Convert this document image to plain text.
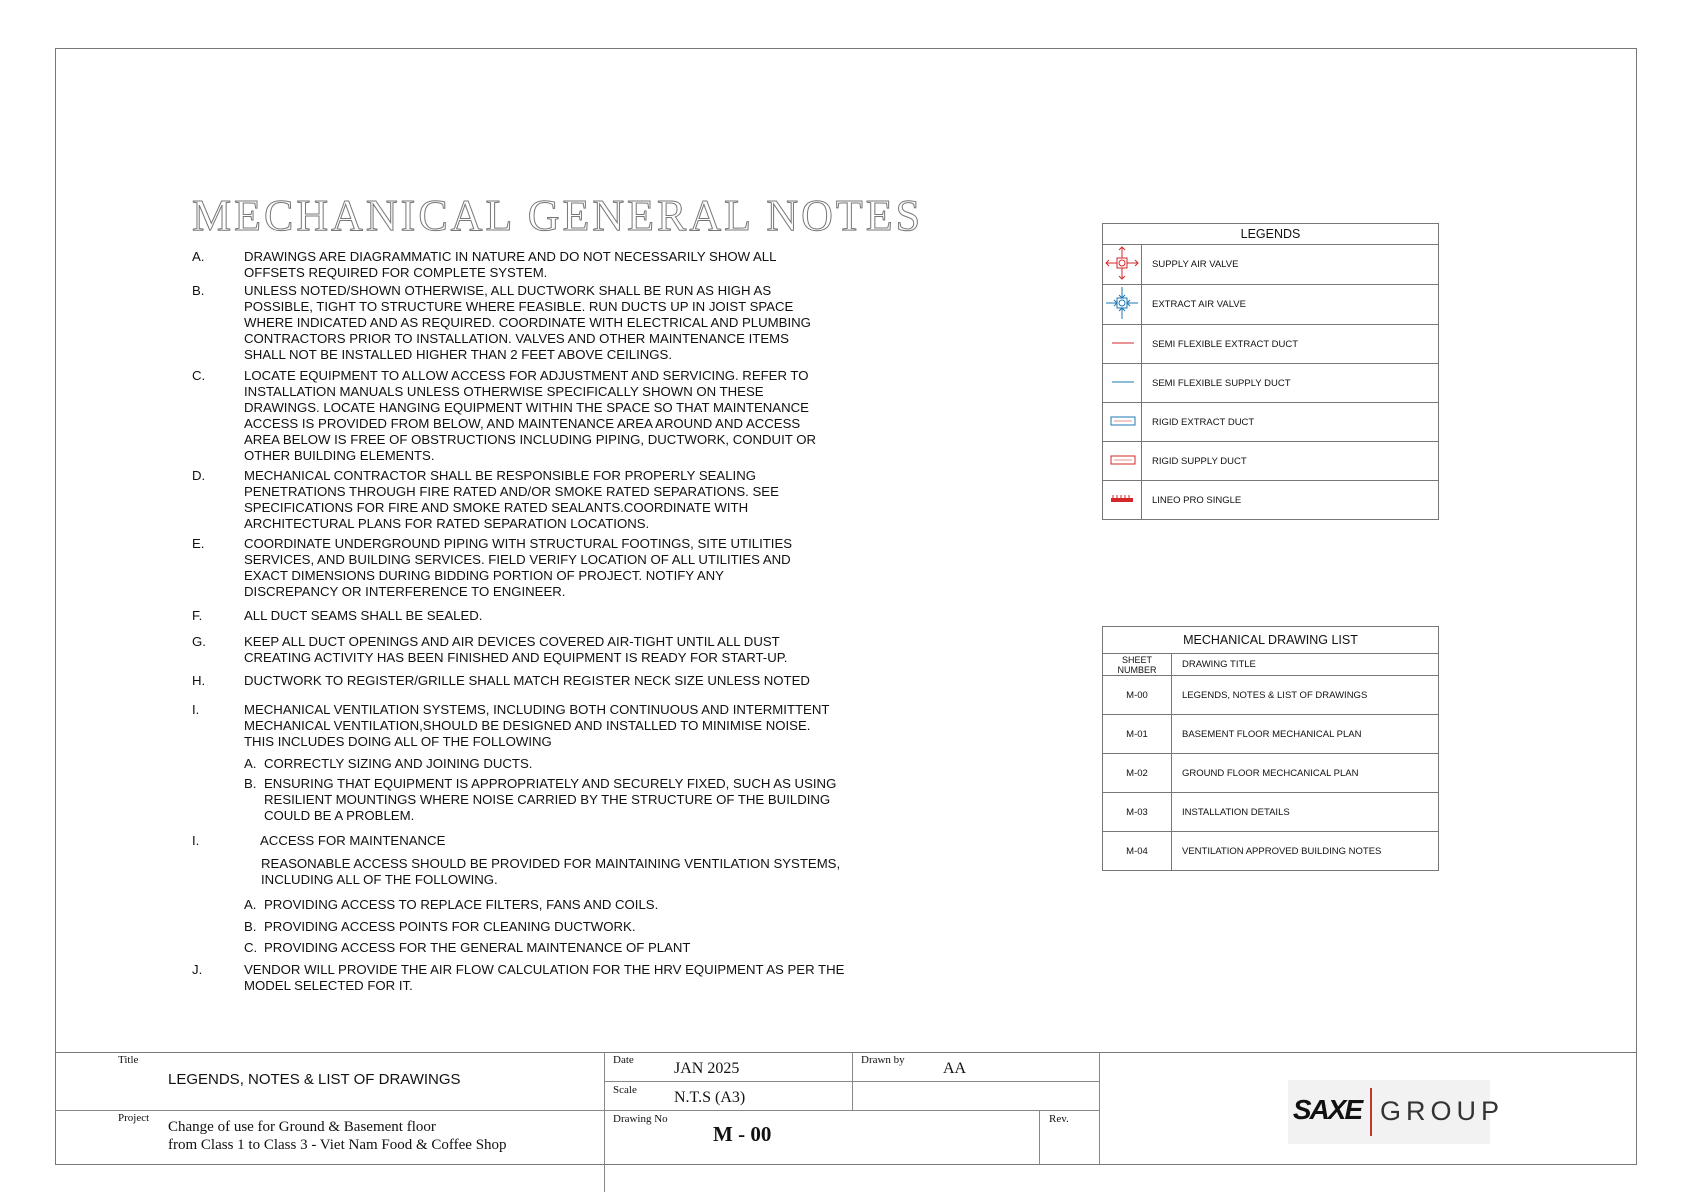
MECHANICAL GENERAL NOTES
A.	DRAWINGS ARE DIAGRAMMATIC IN NATURE AND DO NOT NECESSARILY SHOW ALL
OFFSETS REQUIRED FOR COMPLETE SYSTEM.
B.	UNLESS NOTED/SHOWN OTHERWISE, ALL DUCTWORK SHALL BE RUN AS HIGH AS
POSSIBLE, TIGHT TO STRUCTURE WHERE FEASIBLE. RUN DUCTS UP IN JOIST SPACE
WHERE INDICATED AND AS REQUIRED. COORDINATE WITH ELECTRICAL AND PLUMBING
CONTRACTORS PRIOR TO INSTALLATION. VALVES AND OTHER MAINTENANCE ITEMS
SHALL NOT BE INSTALLED HIGHER THAN 2 FEET ABOVE CEILINGS.
C.	LOCATE EQUIPMENT TO ALLOW ACCESS FOR ADJUSTMENT AND SERVICING. REFER TO
INSTALLATION MANUALS UNLESS OTHERWISE SPECIFICALLY SHOWN ON THESE
DRAWINGS. LOCATE HANGING EQUIPMENT WITHIN THE SPACE SO THAT MAINTENANCE
ACCESS IS PROVIDED FROM BELOW, AND MAINTENANCE AREA AROUND AND ACCESS
AREA BELOW IS FREE OF OBSTRUCTIONS INCLUDING PIPING, DUCTWORK, CONDUIT OR
OTHER BUILDING ELEMENTS.
D.	MECHANICAL CONTRACTOR SHALL BE RESPONSIBLE FOR PROPERLY SEALING
PENETRATIONS THROUGH FIRE RATED AND/OR SMOKE RATED SEPARATIONS. SEE
SPECIFICATIONS FOR FIRE AND SMOKE RATED SEALANTS.COORDINATE WITH
ARCHITECTURAL PLANS FOR RATED SEPARATION LOCATIONS.
E.	COORDINATE UNDERGROUND PIPING WITH STRUCTURAL FOOTINGS, SITE UTILITIES
SERVICES, AND BUILDING SERVICES. FIELD VERIFY LOCATION OF ALL UTILITIES AND
EXACT DIMENSIONS DURING BIDDING PORTION OF PROJECT. NOTIFY ANY
DISCREPANCY OR INTERFERENCE TO ENGINEER.
F.	ALL DUCT SEAMS SHALL BE SEALED.
G.	KEEP ALL DUCT OPENINGS AND AIR DEVICES COVERED AIR-TIGHT UNTIL ALL DUST
CREATING ACTIVITY HAS BEEN FINISHED AND EQUIPMENT IS READY FOR START-UP.
H.	DUCTWORK TO REGISTER/GRILLE SHALL MATCH REGISTER NECK SIZE UNLESS NOTED
I.	MECHANICAL VENTILATION SYSTEMS, INCLUDING BOTH CONTINUOUS AND INTERMITTENT
MECHANICAL VENTILATION,SHOULD BE DESIGNED AND INSTALLED TO MINIMISE NOISE.
THIS INCLUDES DOING ALL OF THE FOLLOWING
I.	ACCESS FOR MAINTENANCE
J.	VENDOR WILL PROVIDE THE AIR FLOW CALCULATION FOR THE HRV EQUIPMENT AS PER THE
MODEL SELECTED FOR IT.
A. CORRECTLY SIZING AND JOINING DUCTS.
B. ENSURING THAT EQUIPMENT IS APPROPRIATELY AND SECURELY FIXED, SUCH AS USING
RESILIENT MOUNTINGS WHERE NOISE CARRIED BY THE STRUCTURE OF THE BUILDING
COULD BE A PROBLEM.
REASONABLE ACCESS SHOULD BE PROVIDED FOR MAINTAINING VENTILATION SYSTEMS,
INCLUDING ALL OF THE FOLLOWING.
A. PROVIDING ACCESS TO REPLACE FILTERS, FANS AND COILS.
B. PROVIDING ACCESS POINTS FOR CLEANING DUCTWORK.
C. PROVIDING ACCESS FOR THE GENERAL MAINTENANCE OF PLANT
LEGENDS	
	SUPPLY AIR VALVE
	EXTRACT AIR VALVE
	SEMI FLEXIBLE EXTRACT DUCT
	SEMI FLEXIBLE SUPPLY DUCT
	RIGID EXTRACT DUCT
	RIGID SUPPLY DUCT
	LINEO PRO SINGLE
MECHANICAL DRAWING LIST	
SHEET NUMBER	DRAWING TITLE
M-00	LEGENDS, NOTES & LIST OF DRAWINGS
M-01	BASEMENT FLOOR MECHANICAL PLAN
M-02	GROUND FLOOR MECHCANICAL PLAN
M-03	INSTALLATION DETAILS
M-04	VENTILATION APPROVED BUILDING NOTES
Title
LEGENDS, NOTES & LIST OF DRAWINGS
Project
Change of use for Ground & Basement floor
from Class 1 to Class 3 - Viet Nam Food & Coffee Shop
Date	JAN 2025	Drawn by AA
Scale N.T.S (A3)
Drawing No
M - 00
Rev.	SAXE GROUP
